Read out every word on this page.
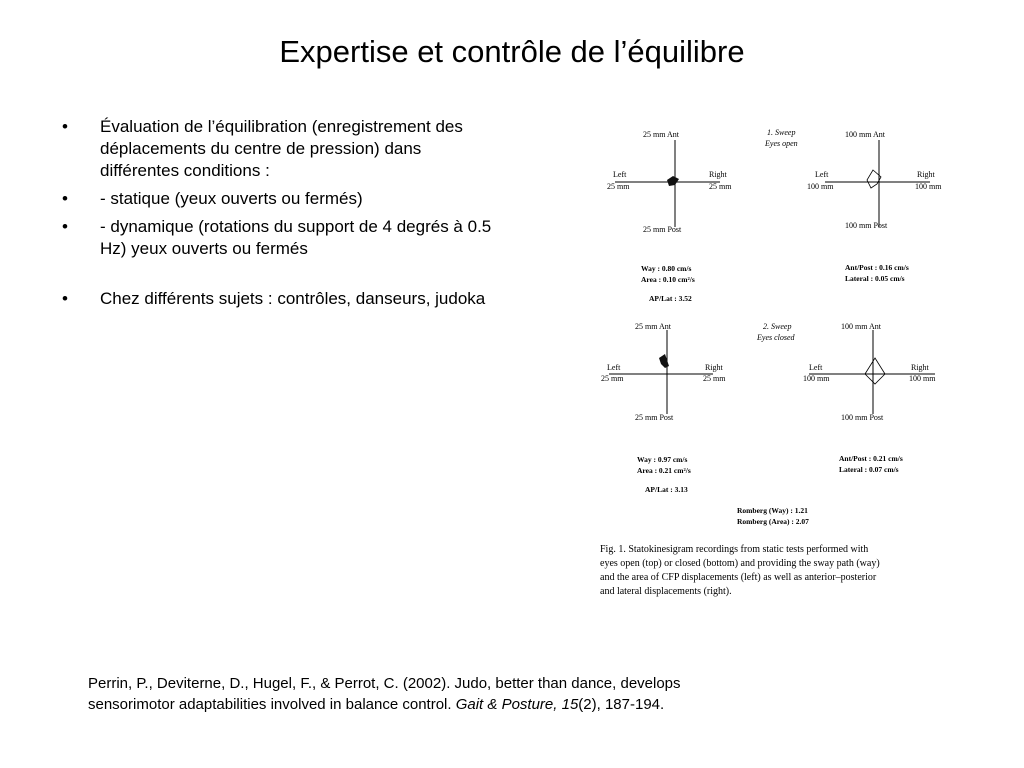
Expertise et contrôle de l’équilibre
• Évaluation de l’équilibration (enregistrement des déplacements du centre de pression) dans différentes conditions :
• - statique (yeux ouverts ou fermés)
• - dynamique (rotations du support de 4 degrés à 0.5 Hz) yeux ouverts ou fermés
• Chez différents sujets : contrôles, danseurs, judoka
25 mm Ant
25 mm Post
Left
25 mm
Right
25 mm
100 mm Ant
100 mm Post
Left
100 mm
Right
100 mm
25 mm Ant
25 mm Post
Left
25 mm
Right
25 mm
100 mm Ant
100 mm Post
Left
100 mm
Right
100 mm
1. Sweep
Eyes open
2. Sweep
Eyes closed
Way : 0.80 cm/s
Area : 0.10 cm²/s
AP/Lat : 3.52
Ant/Post : 0.16 cm/s
Lateral : 0.05 cm/s
Way : 0.97 cm/s
Area : 0.21 cm²/s
AP/Lat : 3.13
Ant/Post : 0.21 cm/s
Lateral : 0.07 cm/s
Romberg (Way) : 1.21
Romberg (Area) : 2.07
Fig. 1. Statokinesigram recordings from static tests performed with
eyes open (top) or closed (bottom) and providing the sway path (way)
and the area of CFP displacements (left) as well as anterior–posterior
and lateral displacements (right).
Perrin, P., Deviterne, D., Hugel, F., & Perrot, C. (2002). Judo, better than dance, develops
sensorimotor adaptabilities involved in balance control. Gait & Posture, 15(2), 187-194.
